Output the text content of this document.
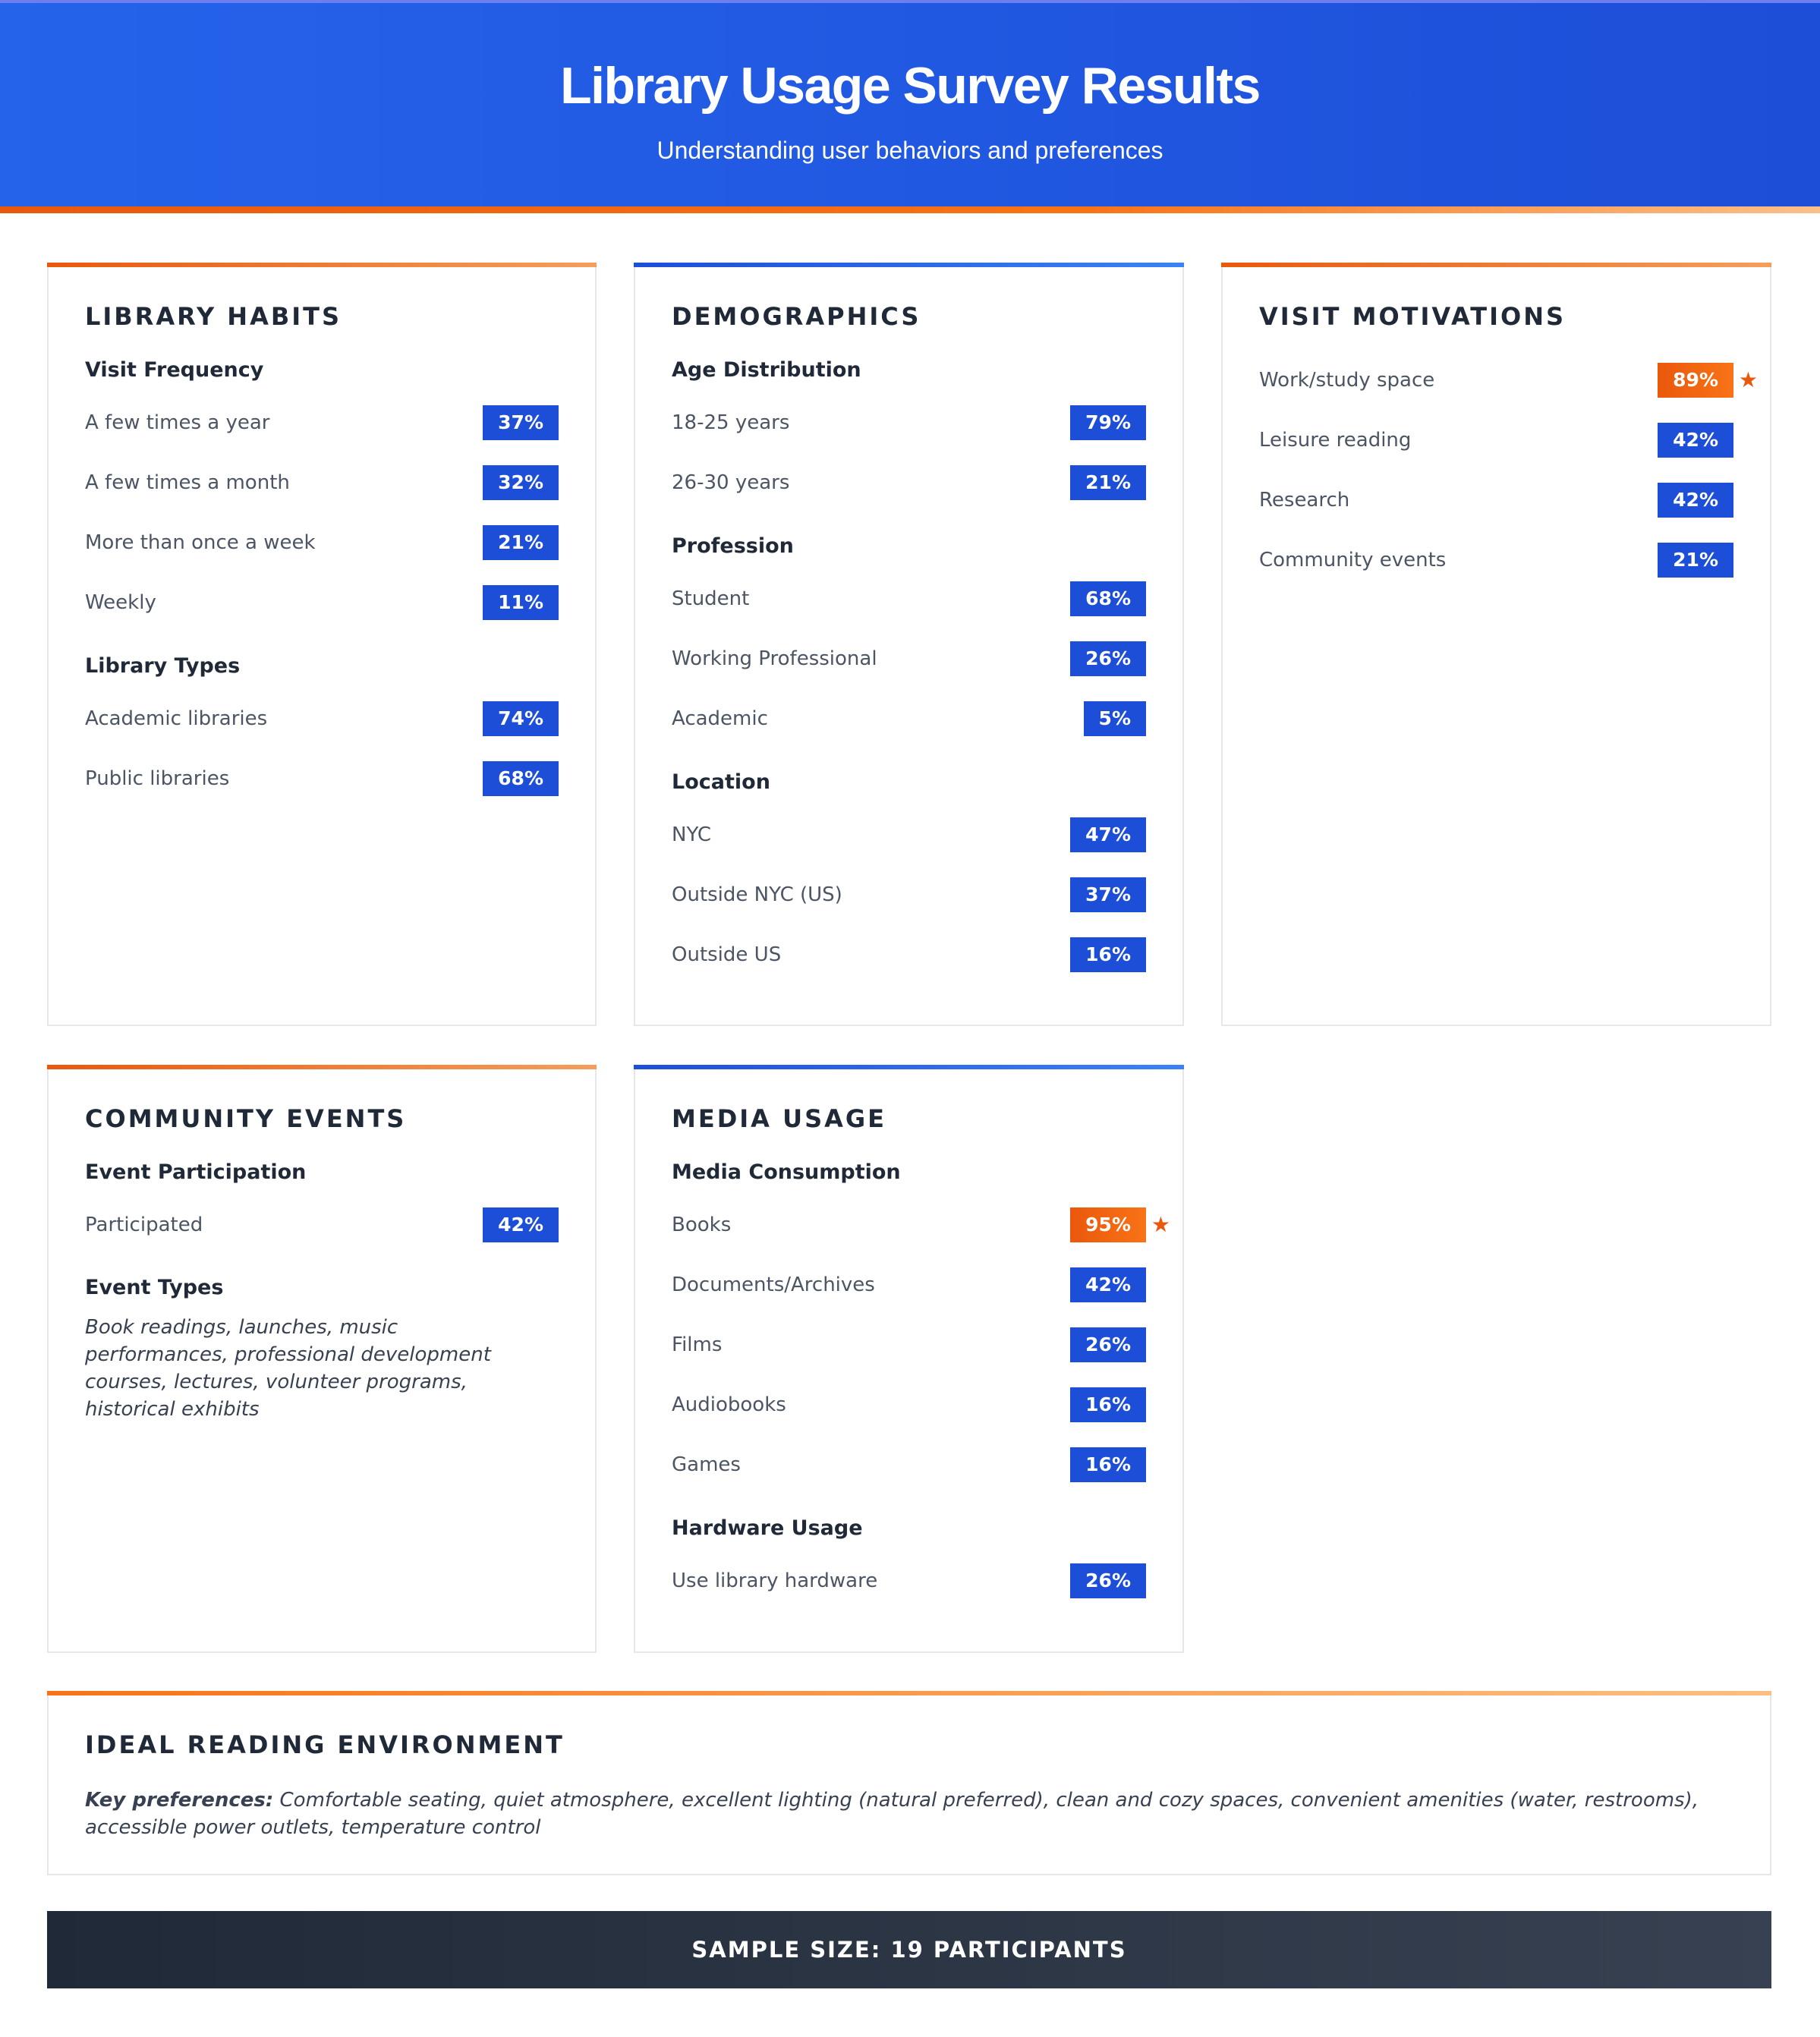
Library Usage Survey Results
Understanding user behaviors and preferences
LIBRARY HABITS
Visit Frequency
A few times a year	37%
A few times a month	32%
More than once a week	21%
Weekly	11%
Library Types
Academic libraries	74%
Public libraries	68%
DEMOGRAPHICS
Age Distribution
18-25 years	79%
26-30 years	21%
Profession
Student	68%
Working Professional	26%
Academic	5%
Location
NYC	47%
Outside NYC (US)	37%
Outside US	16%
VISIT MOTIVATIONS
Work/study space	89% ★
Leisure reading	42%
Research	42%
Community events	21%
COMMUNITY EVENTS
Event Participation
Participated	42%
Event Types
Book readings, launches, music performances, professional development courses, lectures, volunteer programs, historical exhibits
MEDIA USAGE
Media Consumption
Books	95% ★
Documents/Archives	42%
Films	26%
Audiobooks	16%
Games	16%
Hardware Usage
Use library hardware	26%
IDEAL READING ENVIRONMENT
Key preferences: Comfortable seating, quiet atmosphere, excellent lighting (natural preferred), clean and cozy spaces, convenient amenities (water, restrooms), accessible power outlets, temperature control
SAMPLE SIZE: 19 PARTICIPANTS
